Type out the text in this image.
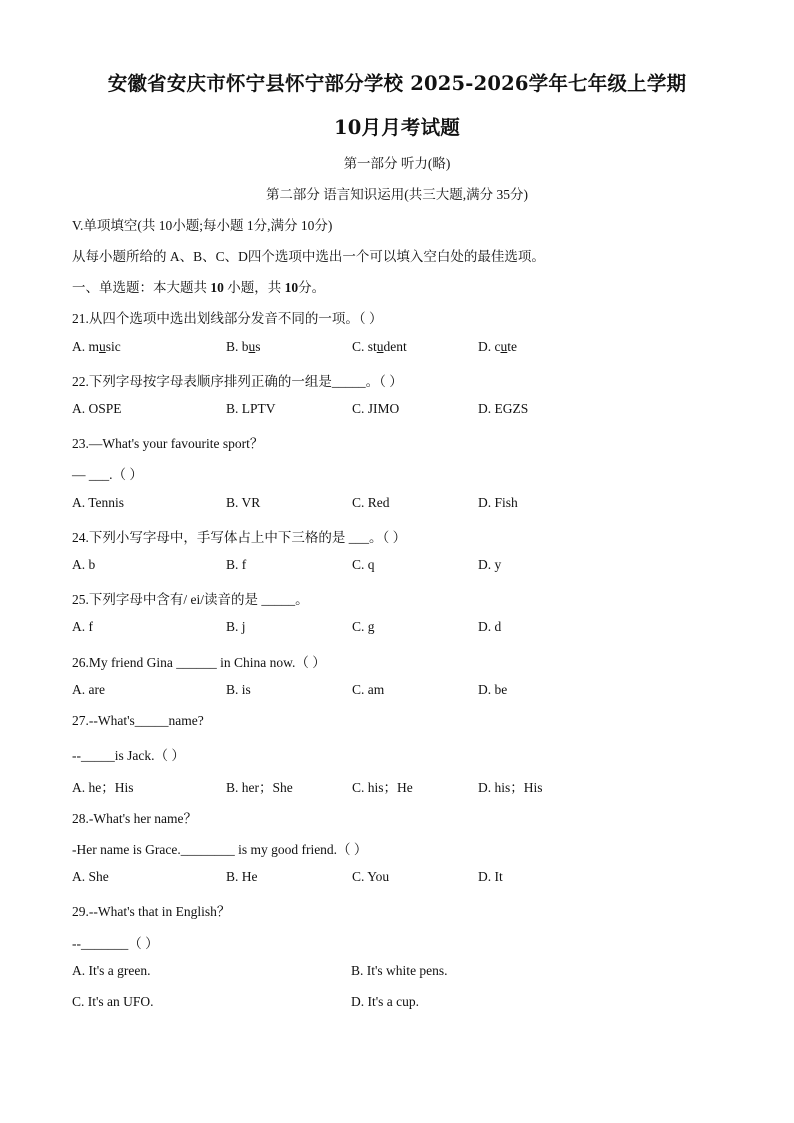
安徽省安庆市怀宁县怀宁部分学校 2025-2026学年七年级上学期
10月月考试题
第一部分 听力(略)
第二部分 语言知识运用(共三大题,满分 35分)
V.单项填空(共 10小题;每小题 1分,满分 10分)
从每小题所给的 A、B、C、D四个选项中选出一个可以填入空白处的最佳选项。
一、单选题：本大题共 10 小题，共 10分。
21.从四个选项中选出划线部分发音不同的一项。（ ）
A. music	B. bus	C. student	D. cute
22.下列字母按字母表顺序排列正确的一组是_____。（ ）
A. OSPE	B. LPTV	C. JIMO	D. EGZS
23.—What's your favourite sport？
— ___.（ ）
A. Tennis	B. VR	C. Red	D. Fish
24.下列小写字母中，手写体占上中下三格的是 ___。（ ）
A. b	B. f	C. q	D. y
25.下列字母中含有/ ei/读音的是 _____。
A. f	B. j	C. g	D. d
26.My friend Gina ______ in China now.（ ）
A. are	B. is	C. am	D. be
27.--What's_____name?
--_____is Jack.（ ）
A. he；His	B. her；She	C. his；He	D. his；His
28.-What's her name？
-Her name is Grace.________ is my good friend.（ ）
A. She	B. He	C. You	D. It
29.--What's that in English？
--_______（ ）
A. It's a green.	B. It's white pens.
C. It's an UFO.	D. It's a cup.
